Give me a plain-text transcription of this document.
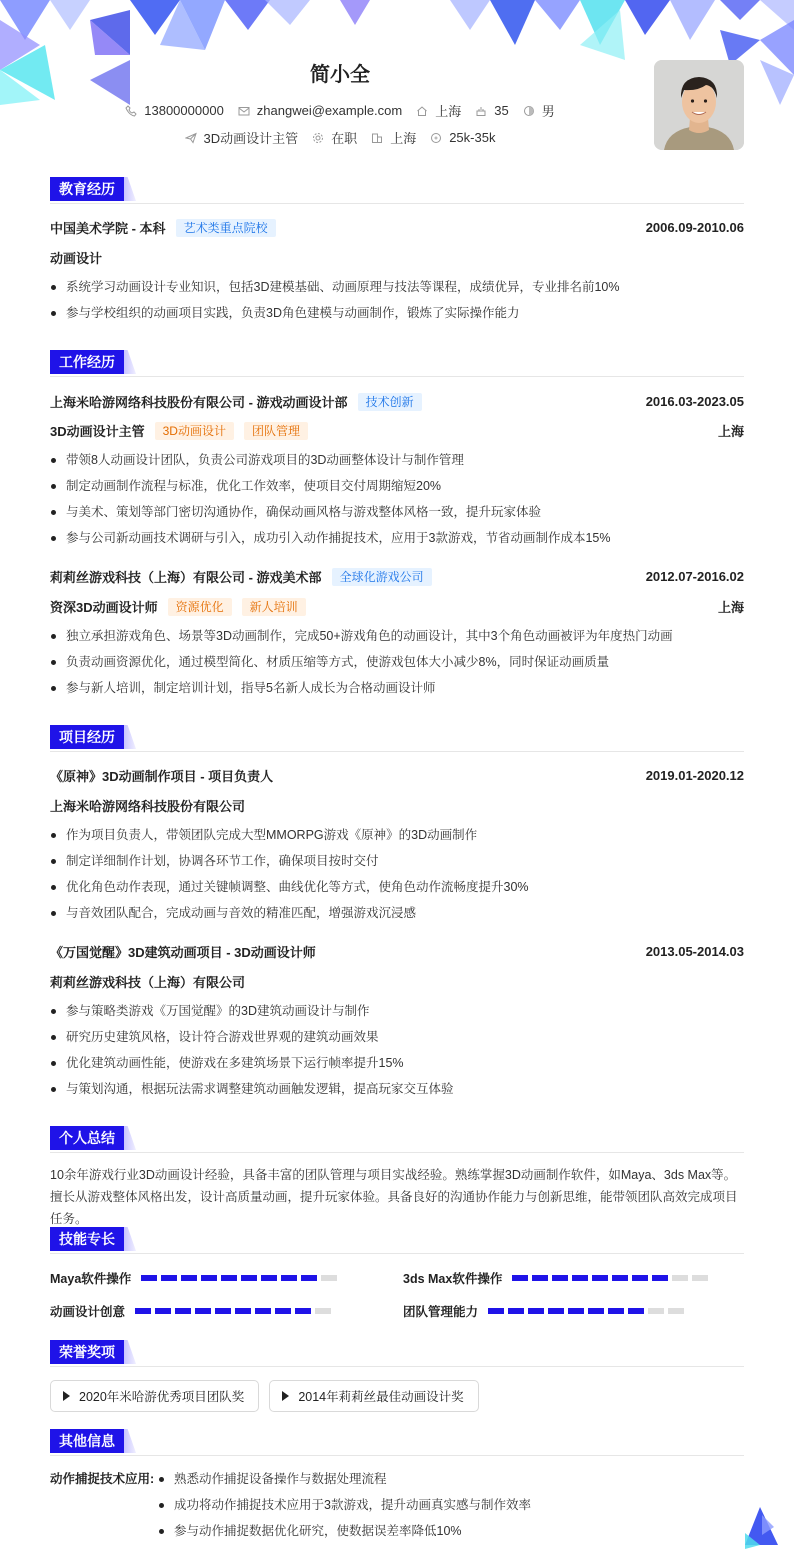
简小全
13800000000	zhangwei@example.com	上海	35	男
3D动画设计主管	在职	上海	25k-35k
教育经历
中国美术学院 - 本科	艺术类重点院校	2006.09-2010.06
动画设计
系统学习动画设计专业知识，包括3D建模基础、动画原理与技法等课程，成绩优异，专业排名前10%
参与学校组织的动画项目实践，负责3D角色建模与动画制作，锻炼了实际操作能力
工作经历
上海米哈游网络科技股份有限公司 - 游戏动画设计部	技术创新	2016.03-2023.05
3D动画设计主管	3D动画设计	团队管理	上海
带领8人动画设计团队，负责公司游戏项目的3D动画整体设计与制作管理
制定动画制作流程与标准，优化工作效率，使项目交付周期缩短20%
与美术、策划等部门密切沟通协作，确保动画风格与游戏整体风格一致，提升玩家体验
参与公司新动画技术调研与引入，成功引入动作捕捉技术，应用于3款游戏，节省动画制作成本15%
莉莉丝游戏科技（上海）有限公司 - 游戏美术部	全球化游戏公司	2012.07-2016.02
资深3D动画设计师	资源优化	新人培训	上海
独立承担游戏角色、场景等3D动画制作，完成50+游戏角色的动画设计，其中3个角色动画被评为年度热门动画
负责动画资源优化，通过模型简化、材质压缩等方式，使游戏包体大小减少8%，同时保证动画质量
参与新人培训，制定培训计划，指导5名新人成长为合格动画设计师
项目经历
《原神》3D动画制作项目 - 项目负责人	2019.01-2020.12
上海米哈游网络科技股份有限公司
作为项目负责人，带领团队完成大型MMORPG游戏《原神》的3D动画制作
制定详细制作计划，协调各环节工作，确保项目按时交付
优化角色动作表现，通过关键帧调整、曲线优化等方式，使角色动作流畅度提升30%
与音效团队配合，完成动画与音效的精准匹配，增强游戏沉浸感
《万国觉醒》3D建筑动画项目 - 3D动画设计师	2013.05-2014.03
莉莉丝游戏科技（上海）有限公司
参与策略类游戏《万国觉醒》的3D建筑动画设计与制作
研究历史建筑风格，设计符合游戏世界观的建筑动画效果
优化建筑动画性能，使游戏在多建筑场景下运行帧率提升15%
与策划沟通，根据玩法需求调整建筑动画触发逻辑，提高玩家交互体验
个人总结
10余年游戏行业3D动画设计经验，具备丰富的团队管理与项目实战经验。熟练掌握3D动画制作软件，如Maya、3ds Max等。擅长从游戏整体风格出发，设计高质量动画，提升玩家体验。具备良好的沟通协作能力与创新思维，能带领团队高效完成项目任务。
技能专长
Maya软件操作	3ds Max软件操作
动画设计创意	团队管理能力
荣誉奖项
2020年米哈游优秀项目团队奖	2014年莉莉丝最佳动画设计奖
其他信息
动作捕捉技术应用:	熟悉动作捕捉设备操作与数据处理流程
成功将动作捕捉技术应用于3款游戏，提升动画真实感与制作效率
参与动作捕捉数据优化研究，使数据误差率降低10%
